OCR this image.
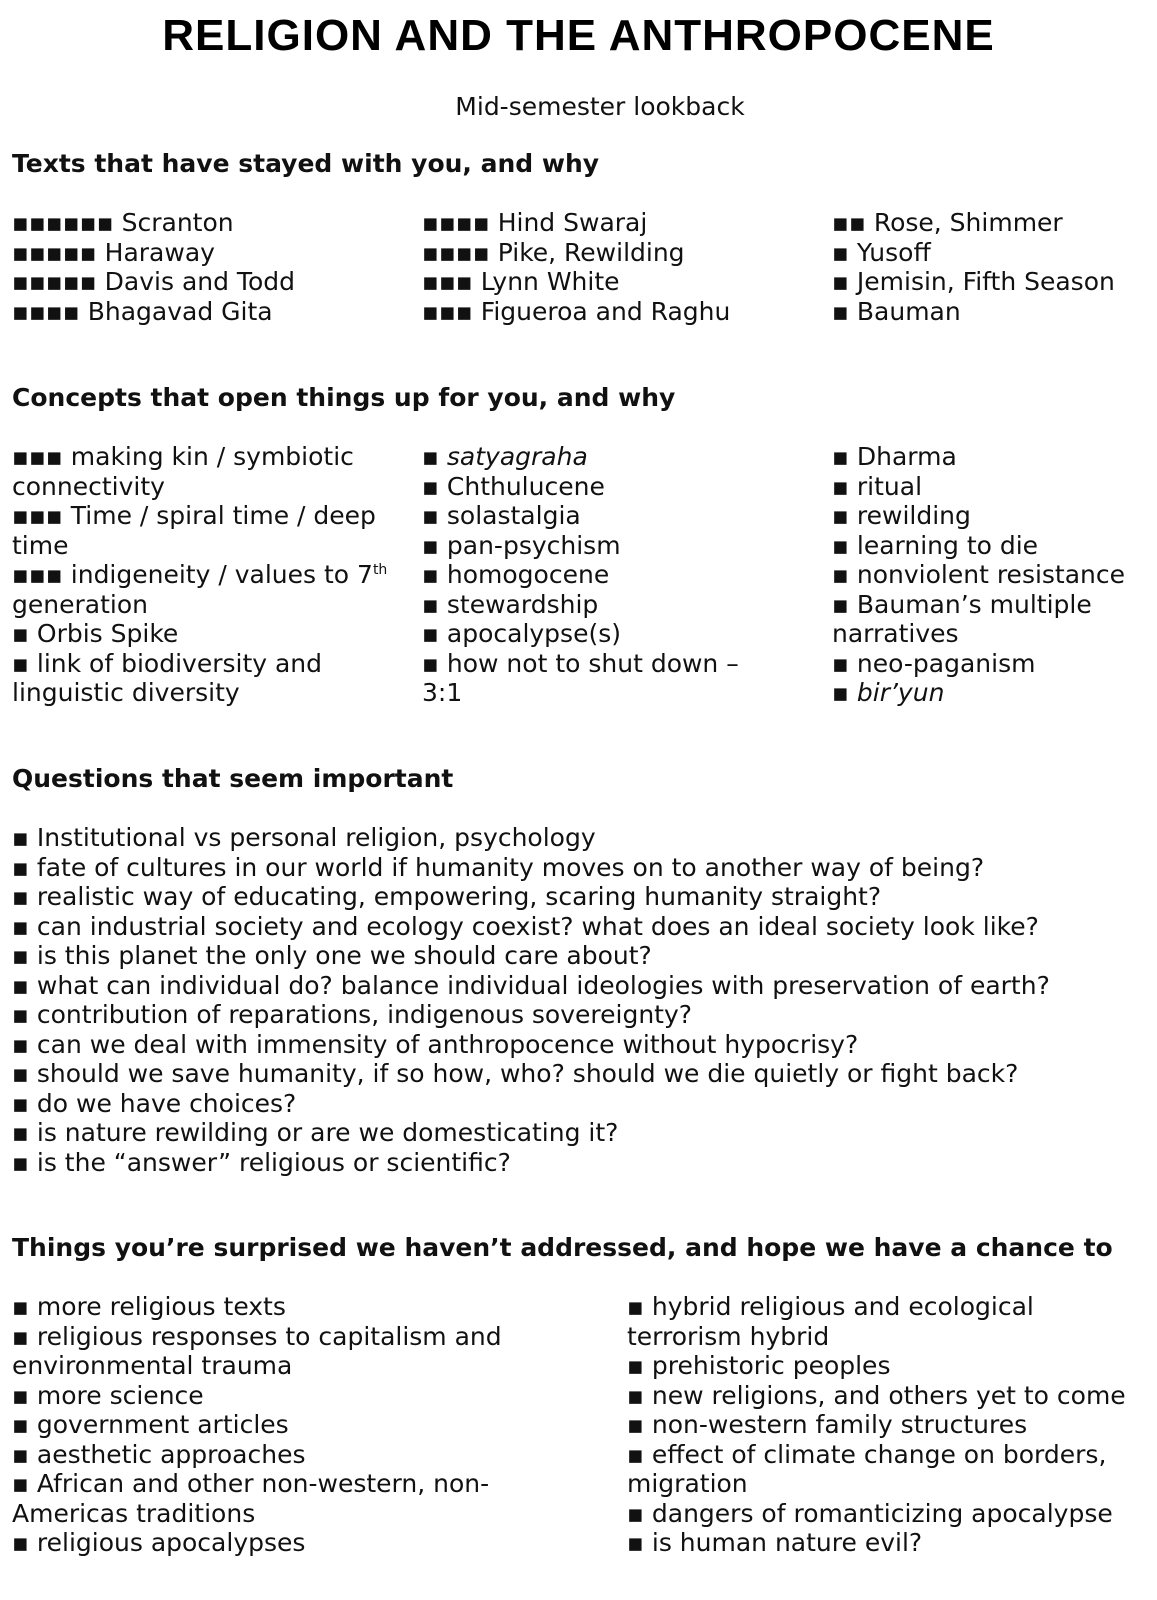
RELIGION AND THE ANTHROPOCENE

Mid-semester lookback

Texts that have stayed with you, and why
▪▪▪▪▪▪ Scranton
▪▪▪▪▪ Haraway
▪▪▪▪▪ Davis and Todd
▪▪▪▪ Bhagavad Gita
▪▪▪▪ Hind Swaraj
▪▪▪▪ Pike, Rewilding
▪▪▪ Lynn White
▪▪▪ Figueroa and Raghu
▪▪ Rose, Shimmer
▪ Yusoff
▪ Jemisin, Fifth Season
▪ Bauman
Concepts that open things up for you, and why
▪▪▪ making kin / symbiotic connectivity
▪▪▪ Time / spiral time / deep time
▪▪▪ indigeneity / values to 7th generation
▪ Orbis Spike
▪ link of biodiversity and linguistic diversity
▪ satyagraha
▪ Chthulucene
▪ solastalgia
▪ pan-psychism
▪ homogocene
▪ stewardship
▪ apocalypse(s)
▪ how not to shut down – 3:1
▪ Dharma
▪ ritual
▪ rewilding
▪ learning to die
▪ nonviolent resistance
▪ Bauman’s multiple narratives
▪ neo-paganism
▪ bir’yun
Questions that seem important
▪ Institutional vs personal religion, psychology
▪ fate of cultures in our world if humanity moves on to another way of being?
▪ realistic way of educating, empowering, scaring humanity straight?
▪ can industrial society and ecology coexist? what does an ideal society look like?
▪ is this planet the only one we should care about?
▪ what can individual do? balance individual ideologies with preservation of earth?
▪ contribution of reparations, indigenous sovereignty?
▪ can we deal with immensity of anthropocence without hypocrisy?
▪ should we save humanity, if so how, who? should we die quietly or fight back?
▪ do we have choices?
▪ is nature rewilding or are we domesticating it?
▪ is the “answer” religious or scientific?
Things you’re surprised we haven’t addressed, and hope we have a chance to
▪ more religious texts
▪ religious responses to capitalism and environmental trauma
▪ more science
▪ government articles
▪ aesthetic approaches
▪ African and other non-western, non-Americas traditions
▪ religious apocalypses
▪ hybrid religious and ecological terrorism hybrid
▪ prehistoric peoples
▪ new religions, and others yet to come
▪ non-western family structures
▪ effect of climate change on borders, migration
▪ dangers of romanticizing apocalypse
▪ is human nature evil?
